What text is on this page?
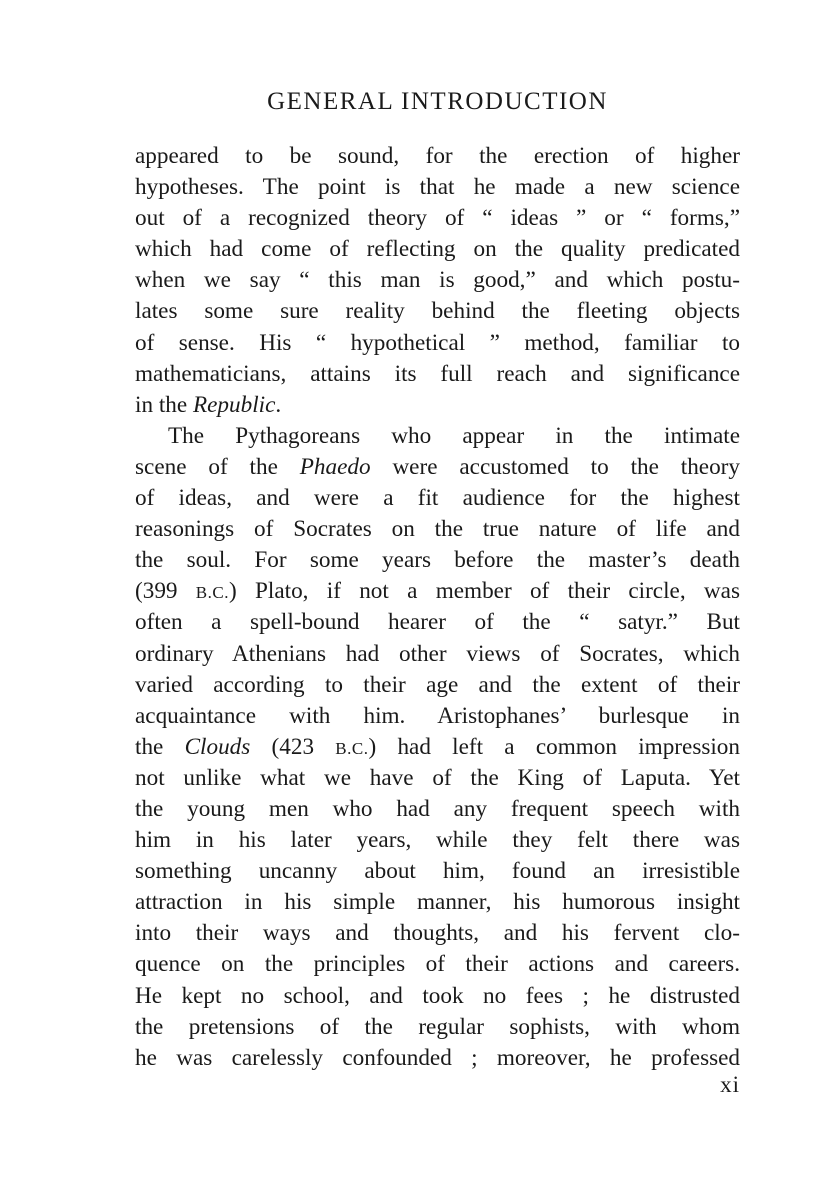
GENERAL INTRODUCTION
appeared to be sound, for the erection of higher
hypotheses. The point is that he made a new science
out of a recognized theory of “ ideas ” or “ forms,”
which had come of reflecting on the quality predicated
when we say “ this man is good,” and which postu-
lates some sure reality behind the fleeting objects
of sense. His “ hypothetical ” method, familiar to
mathematicians, attains its full reach and significance
in the Republic.
The Pythagoreans who appear in the intimate
scene of the Phaedo were accustomed to the theory
of ideas, and were a fit audience for the highest
reasonings of Socrates on the true nature of life and
the soul. For some years before the master’s death
(399 B.C.) Plato, if not a member of their circle, was
often a spell-bound hearer of the “ satyr.” But
ordinary Athenians had other views of Socrates, which
varied according to their age and the extent of their
acquaintance with him. Aristophanes’ burlesque in
the Clouds (423 B.C.) had left a common impression
not unlike what we have of the King of Laputa. Yet
the young men who had any frequent speech with
him in his later years, while they felt there was
something uncanny about him, found an irresistible
attraction in his simple manner, his humorous insight
into their ways and thoughts, and his fervent clo-
quence on the principles of their actions and careers.
He kept no school, and took no fees ; he distrusted
the pretensions of the regular sophists, with whom
he was carelessly confounded ; moreover, he professed
xi
